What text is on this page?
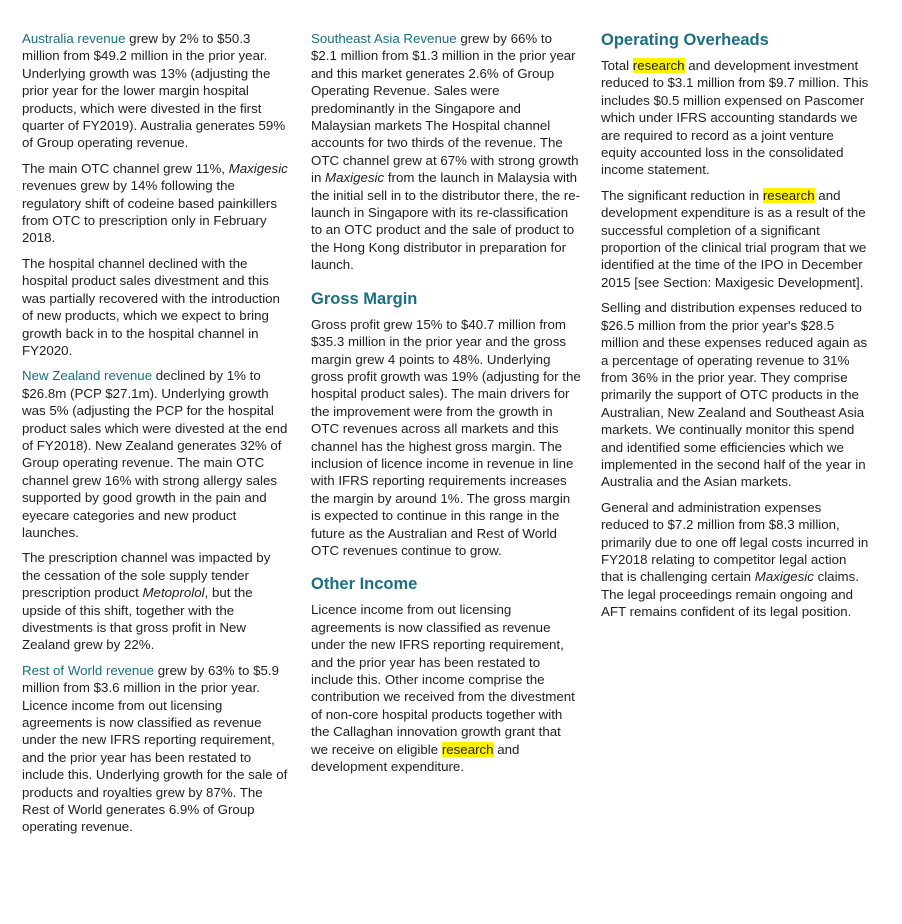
Australia revenue grew by 2% to $50.3 million from $49.2 million in the prior year. Underlying growth was 13% (adjusting the prior year for the lower margin hospital products, which were divested in the first quarter of FY2019). Australia generates 59% of Group operating revenue.

The main OTC channel grew 11%, Maxigesic revenues grew by 14% following the regulatory shift of codeine based painkillers from OTC to prescription only in February 2018.

The hospital channel declined with the hospital product sales divestment and this was partially recovered with the introduction of new products, which we expect to bring growth back in to the hospital channel in FY2020.

New Zealand revenue declined by 1% to $26.8m (PCP $27.1m). Underlying growth was 5% (adjusting the PCP for the hospital product sales which were divested at the end of FY2018). New Zealand generates 32% of Group operating revenue. The main OTC channel grew 16% with strong allergy sales supported by good growth in the pain and eyecare categories and new product launches.

The prescription channel was impacted by the cessation of the sole supply tender prescription product Metoprolol, but the upside of this shift, together with the divestments is that gross profit in New Zealand grew by 22%.

Rest of World revenue grew by 63% to $5.9 million from $3.6 million in the prior year. Licence income from out licensing agreements is now classified as revenue under the new IFRS reporting requirement, and the prior year has been restated to include this. Underlying growth for the sale of products and royalties grew by 87%. The Rest of World generates 6.9% of Group operating revenue.

Southeast Asia Revenue grew by 66% to $2.1 million from $1.3 million in the prior year and this market generates 2.6% of Group Operating Revenue. Sales were predominantly in the Singapore and Malaysian markets The Hospital channel accounts for two thirds of the revenue. The OTC channel grew at 67% with strong growth in Maxigesic from the launch in Malaysia with the initial sell in to the distributor there, the re-launch in Singapore with its re-classification to an OTC product and the sale of product to the Hong Kong distributor in preparation for launch.

Gross Margin

Gross profit grew 15% to $40.7 million from $35.3 million in the prior year and the gross margin grew 4 points to 48%. Underlying gross profit growth was 19% (adjusting for the hospital product sales). The main drivers for the improvement were from the growth in OTC revenues across all markets and this channel has the highest gross margin. The inclusion of licence income in revenue in line with IFRS reporting requirements increases the margin by around 1%. The gross margin is expected to continue in this range in the future as the Australian and Rest of World OTC revenues continue to grow.

Other Income

Licence income from out licensing agreements is now classified as revenue under the new IFRS reporting requirement, and the prior year has been restated to include this. Other income comprise the contribution we received from the divestment of non-core hospital products together with the Callaghan innovation growth grant that we receive on eligible research and development expenditure.

Operating Overheads

Total research and development investment reduced to $3.1 million from $9.7 million. This includes $0.5 million expensed on Pascomer which under IFRS accounting standards we are required to record as a joint venture equity accounted loss in the consolidated income statement.

The significant reduction in research and development expenditure is as a result of the successful completion of a significant proportion of the clinical trial program that we identified at the time of the IPO in December 2015 [see Section: Maxigesic Development].

Selling and distribution expenses reduced to $26.5 million from the prior year's $28.5 million and these expenses reduced again as a percentage of operating revenue to 31% from 36% in the prior year. They comprise primarily the support of OTC products in the Australian, New Zealand and Southeast Asia markets. We continually monitor this spend and identified some efficiencies which we implemented in the second half of the year in Australia and the Asian markets.

General and administration expenses reduced to $7.2 million from $8.3 million, primarily due to one off legal costs incurred in FY2018 relating to competitor legal action that is challenging certain Maxigesic claims. The legal proceedings remain ongoing and AFT remains confident of its legal position.
